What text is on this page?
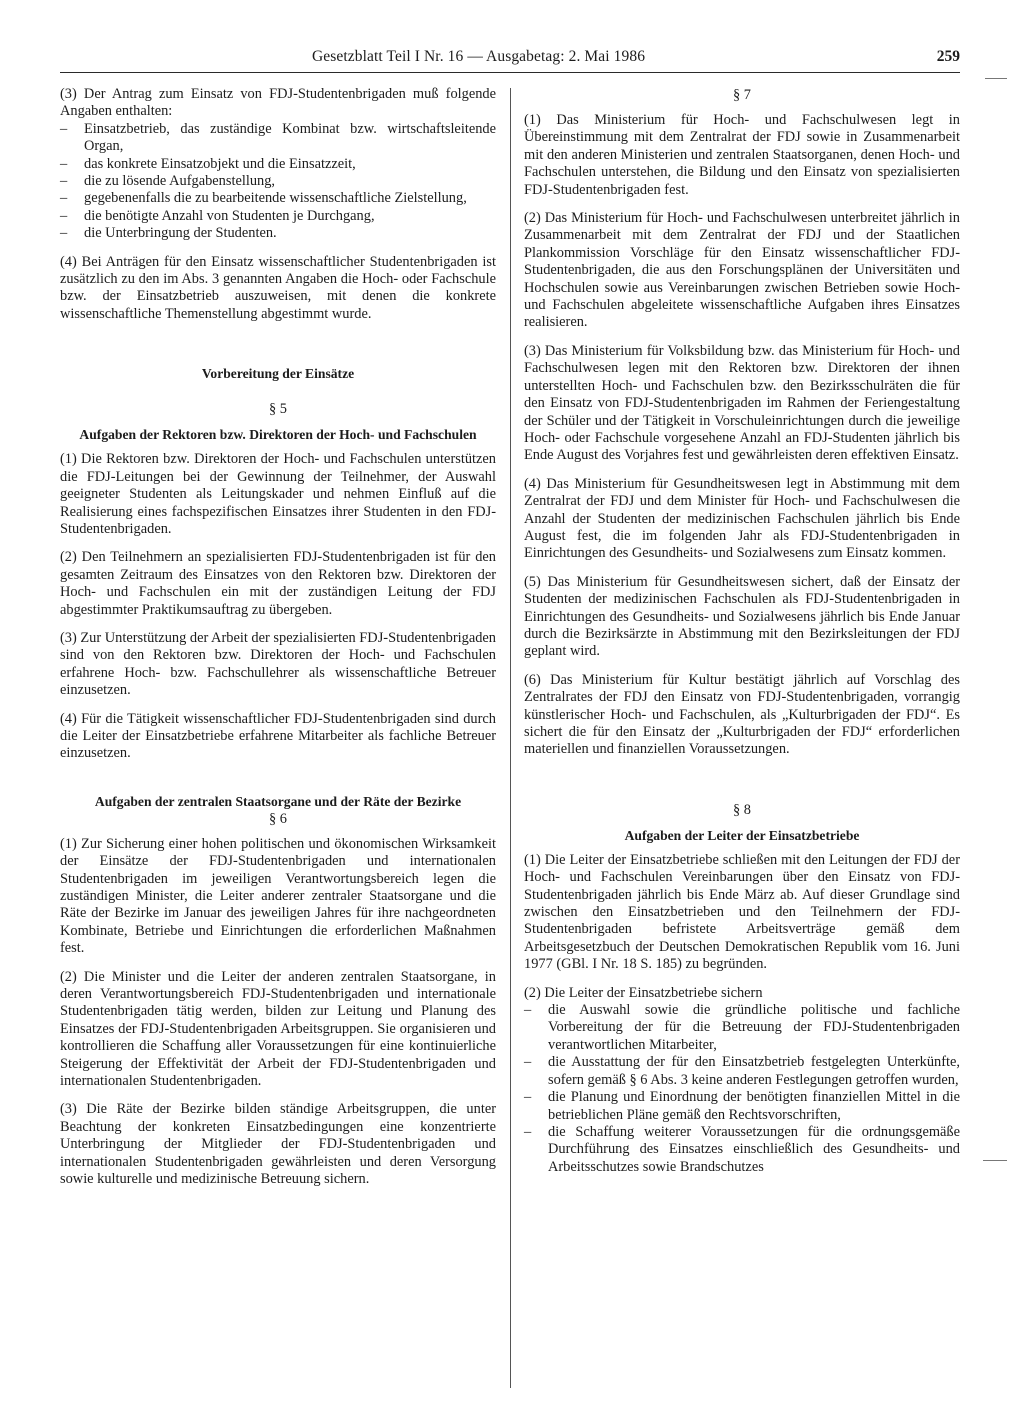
Gesetzblatt Teil I Nr. 16 — Ausgabetag: 2. Mai 1986	259

(3) Der Antrag zum Einsatz von FDJ-Studentenbrigaden muß folgende Angaben enthalten:

–	Einsatzbetrieb, das zuständige Kombinat bzw. wirtschaftsleitende Organ,
–	das konkrete Einsatzobjekt und die Einsatzzeit,
–	die zu lösende Aufgabenstellung,
–	gegebenenfalls die zu bearbeitende wissenschaftliche Zielstellung,
–	die benötigte Anzahl von Studenten je Durchgang,
–	die Unterbringung der Studenten.

(4) Bei Anträgen für den Einsatz wissenschaftlicher Studentenbrigaden ist zusätzlich zu den im Abs. 3 genannten Angaben die Hoch- oder Fachschule bzw. der Einsatzbetrieb auszuweisen, mit denen die konkrete wissenschaftliche Themenstellung abgestimmt wurde.

Vorbereitung der Einsätze
§ 5
Aufgaben der Rektoren bzw. Direktoren der Hoch- und Fachschulen

(1) Die Rektoren bzw. Direktoren der Hoch- und Fachschulen unterstützen die FDJ-Leitungen bei der Gewinnung der Teilnehmer, der Auswahl geeigneter Studenten als Leitungskader und nehmen Einfluß auf die Realisierung eines fachspezifischen Einsatzes ihrer Studenten in den FDJ-Studentenbrigaden.

(2) Den Teilnehmern an spezialisierten FDJ-Studentenbrigaden ist für den gesamten Zeitraum des Einsatzes von den Rektoren bzw. Direktoren der Hoch- und Fachschulen ein mit der zuständigen Leitung der FDJ abgestimmter Praktikumsauftrag zu übergeben.

(3) Zur Unterstützung der Arbeit der spezialisierten FDJ-Studentenbrigaden sind von den Rektoren bzw. Direktoren der Hoch- und Fachschulen erfahrene Hoch- bzw. Fachschullehrer als wissenschaftliche Betreuer einzusetzen.

(4) Für die Tätigkeit wissenschaftlicher FDJ-Studentenbrigaden sind durch die Leiter der Einsatzbetriebe erfahrene Mitarbeiter als fachliche Betreuer einzusetzen.

Aufgaben der zentralen Staatsorgane und der Räte der Bezirke
§ 6

(1) Zur Sicherung einer hohen politischen und ökonomischen Wirksamkeit der Einsätze der FDJ-Studentenbrigaden und internationalen Studentenbrigaden im jeweiligen Verantwortungsbereich legen die zuständigen Minister, die Leiter anderer zentraler Staatsorgane und die Räte der Bezirke im Januar des jeweiligen Jahres für ihre nachgeordneten Kombinate, Betriebe und Einrichtungen die erforderlichen Maßnahmen fest.

(2) Die Minister und die Leiter der anderen zentralen Staatsorgane, in deren Verantwortungsbereich FDJ-Studentenbrigaden und internationale Studentenbrigaden tätig werden, bilden zur Leitung und Planung des Einsatzes der FDJ-Studentenbrigaden Arbeitsgruppen. Sie organisieren und kontrollieren die Schaffung aller Voraussetzungen für eine kontinuierliche Steigerung der Effektivität der Arbeit der FDJ-Studentenbrigaden und internationalen Studentenbrigaden.

(3) Die Räte der Bezirke bilden ständige Arbeitsgruppen, die unter Beachtung der konkreten Einsatzbedingungen eine konzentrierte Unterbringung der Mitglieder der FDJ-Studentenbrigaden und internationalen Studentenbrigaden gewährleisten und deren Versorgung sowie kulturelle und medizinische Betreuung sichern.

§ 7

(1) Das Ministerium für Hoch- und Fachschulwesen legt in Übereinstimmung mit dem Zentralrat der FDJ sowie in Zusammenarbeit mit den anderen Ministerien und zentralen Staatsorganen, denen Hoch- und Fachschulen unterstehen, die Bildung und den Einsatz von spezialisierten FDJ-Studentenbrigaden fest.

(2) Das Ministerium für Hoch- und Fachschulwesen unterbreitet jährlich in Zusammenarbeit mit dem Zentralrat der FDJ und der Staatlichen Plankommission Vorschläge für den Einsatz wissenschaftlicher FDJ-Studentenbrigaden, die aus den Forschungsplänen der Universitäten und Hochschulen sowie aus Vereinbarungen zwischen Betrieben sowie Hoch- und Fachschulen abgeleitete wissenschaftliche Aufgaben ihres Einsatzes realisieren.

(3) Das Ministerium für Volksbildung bzw. das Ministerium für Hoch- und Fachschulwesen legen mit den Rektoren bzw. Direktoren der ihnen unterstellten Hoch- und Fachschulen bzw. den Bezirksschulräten die für den Einsatz von FDJ-Studentenbrigaden im Rahmen der Feriengestaltung der Schüler und der Tätigkeit in Vorschuleinrichtungen durch die jeweilige Hoch- oder Fachschule vorgesehene Anzahl an FDJ-Studenten jährlich bis Ende August des Vorjahres fest und gewährleisten deren effektiven Einsatz.

(4) Das Ministerium für Gesundheitswesen legt in Abstimmung mit dem Zentralrat der FDJ und dem Minister für Hoch- und Fachschulwesen die Anzahl der Studenten der medizinischen Fachschulen jährlich bis Ende August fest, die im folgenden Jahr als FDJ-Studentenbrigaden in Einrichtungen des Gesundheits- und Sozialwesens zum Einsatz kommen.

(5) Das Ministerium für Gesundheitswesen sichert, daß der Einsatz der Studenten der medizinischen Fachschulen als FDJ-Studentenbrigaden in Einrichtungen des Gesundheits- und Sozialwesens jährlich bis Ende Januar durch die Bezirksärzte in Abstimmung mit den Bezirksleitungen der FDJ geplant wird.

(6) Das Ministerium für Kultur bestätigt jährlich auf Vorschlag des Zentralrates der FDJ den Einsatz von FDJ-Studentenbrigaden, vorrangig künstlerischer Hoch- und Fachschulen, als „Kulturbrigaden der FDJ“. Es sichert die für den Einsatz der „Kulturbrigaden der FDJ“ erforderlichen materiellen und finanziellen Voraussetzungen.

§ 8
Aufgaben der Leiter der Einsatzbetriebe

(1) Die Leiter der Einsatzbetriebe schließen mit den Leitungen der FDJ der Hoch- und Fachschulen Vereinbarungen über den Einsatz von FDJ-Studentenbrigaden jährlich bis Ende März ab. Auf dieser Grundlage sind zwischen den Einsatzbetrieben und den Teilnehmern der FDJ-Studentenbrigaden befristete Arbeitsverträge gemäß dem Arbeitsgesetzbuch der Deutschen Demokratischen Republik vom 16. Juni 1977 (GBl. I Nr. 18 S. 185) zu begründen.

(2) Die Leiter der Einsatzbetriebe sichern

–	die Auswahl sowie die gründliche politische und fachliche Vorbereitung der für die Betreuung der FDJ-Studentenbrigaden verantwortlichen Mitarbeiter,
–	die Ausstattung der für den Einsatzbetrieb festgelegten Unterkünfte, sofern gemäß § 6 Abs. 3 keine anderen Festlegungen getroffen wurden,
–	die Planung und Einordnung der benötigten finanziellen Mittel in die betrieblichen Pläne gemäß den Rechtsvorschriften,
–	die Schaffung weiterer Voraussetzungen für die ordnungsgemäße Durchführung des Einsatzes einschließlich des Gesundheits- und Arbeitsschutzes sowie Brandschutzes
